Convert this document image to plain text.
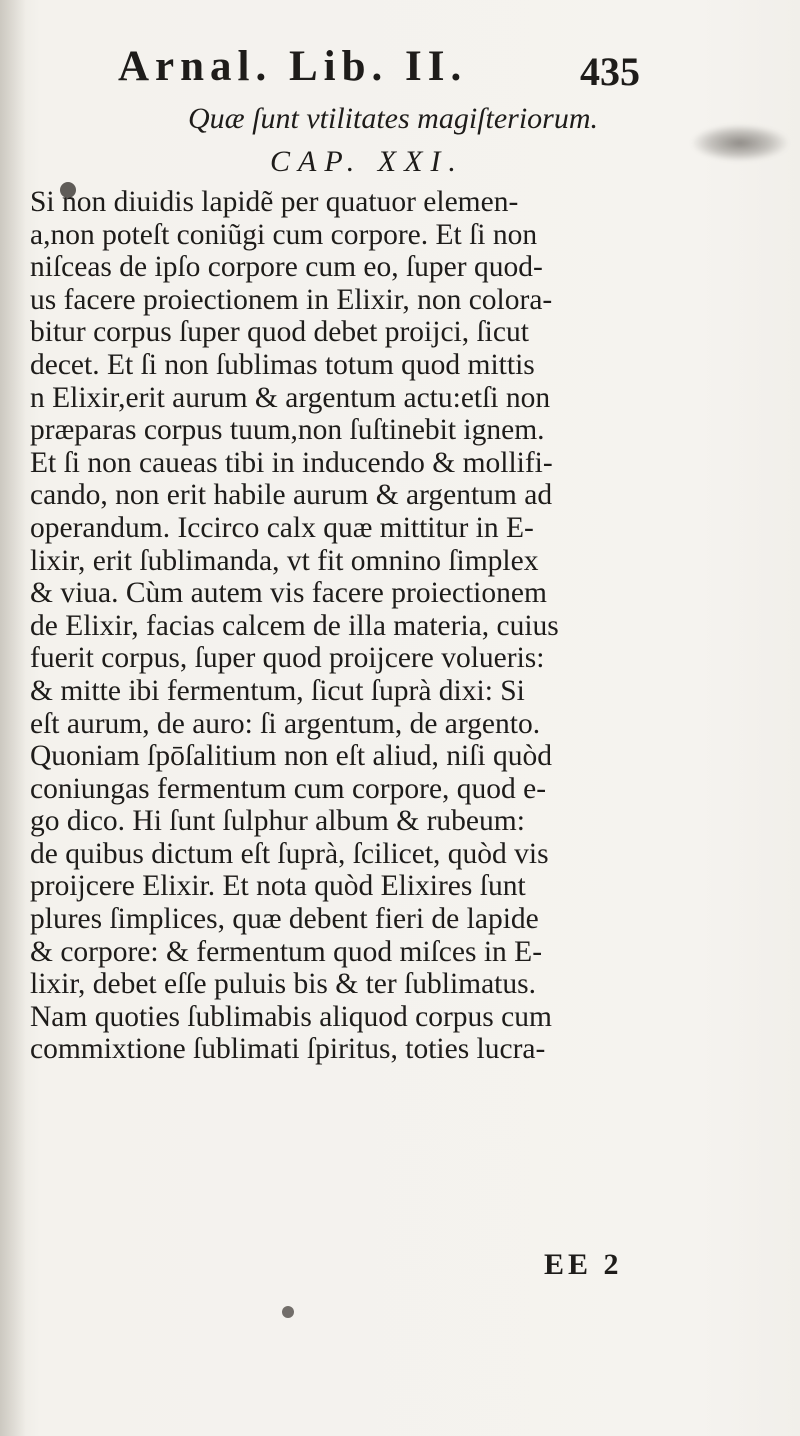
Arnal. Lib. II.	435
Quæ ſunt vtilitates magiſteriorum.
CAP. XXI.
Si non diuidis lapidẽ per quatuor elemen-
a,non poteſt coniũgi cum corpore. Et ſi non
niſceas de ipſo corpore cum eo, ſuper quod-
us facere proiectionem in Elixir, non colora-
bitur corpus ſuper quod debet proijci, ſicut
decet. Et ſi non ſublimas totum quod mittis
n Elixir,erit aurum & argentum actu:etſi non
præparas corpus tuum,non ſuſtinebit ignem.
Et ſi non caueas tibi in inducendo & mollifi-
cando, non erit habile aurum & argentum ad
operandum. Iccirco calx quæ mittitur in E-
lixir, erit ſublimanda, vt fit omnino ſimplex
& viua. Cùm autem vis facere proiectionem
de Elixir, facias calcem de illa materia, cuius
fuerit corpus, ſuper quod proijcere volueris:
& mitte ibi fermentum, ſicut ſuprà dixi: Si
eſt aurum, de auro: ſi argentum, de argento.
Quoniam ſpōſalitium non eſt aliud, niſi quòd
coniungas fermentum cum corpore, quod e-
go dico. Hi ſunt ſulphur album & rubeum:
de quibus dictum eſt ſuprà, ſcilicet, quòd vis
proijcere Elixir. Et nota quòd Elixires ſunt
plures ſimplices, quæ debent fieri de lapide
& corpore: & fermentum quod miſces in E-
lixir, debet eſſe puluis bis & ter ſublimatus.
Nam quoties ſublimabis aliquod corpus cum
commixtione ſublimati ſpiritus, toties lucra-
EE 2
